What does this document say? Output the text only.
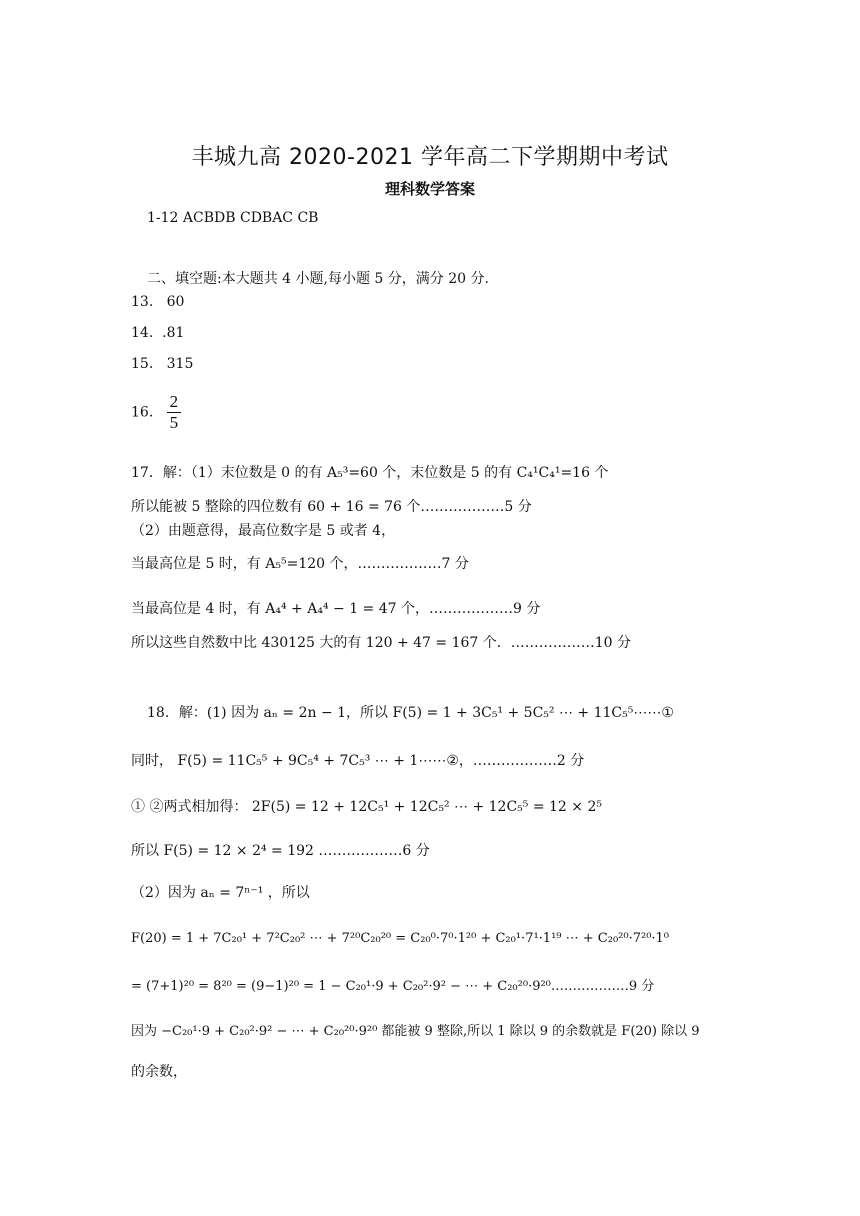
丰城九高 2020-2021 学年高二下学期期中考试
理科数学答案
1-12 ACBDB CDBAC CB
二、填空题:本大题共 4 小题,每小题 5 分，满分 20 分.
13. 60
14. .81
15. 315
16. $\frac{2}{5}$
17．解：（1）末位数是 0 的有 A₅³=60 个，末位数是 5 的有 C₄¹C₄¹=16 个
所以能被 5 整除的四位数有 60 + 16 = 76 个………………5 分
（2）由题意得，最高位数字是 5 或者 4，
当最高位是 5 时，有 A₅⁵=120 个，………………7 分
当最高位是 4 时，有 A₄⁴ + A₄⁴ − 1 = 47 个，………………9 分
所以这些自然数中比 430125 大的有 120 + 47 = 167 个．………………10 分
18．解：(1) 因为 aₙ = 2n − 1，所以 F(5) = 1 + 3C₅¹ + 5C₅² ⋯ + 11C₅⁵⋯⋯①
同时， F(5) = 11C₅⁵ + 9C₅⁴ + 7C₅³ ⋯ + 1⋯⋯②，………………2 分
① ②两式相加得： 2F(5) = 12 + 12C₅¹ + 12C₅² ⋯ + 12C₅⁵ = 12 × 2⁵
所以 F(5) = 12 × 2⁴ = 192 ………………6 分
（2）因为 aₙ = 7ⁿ⁻¹ ，所以
F(20) = 1 + 7C₂₀¹ + 7²C₂₀² ⋯ + 7²⁰C₂₀²⁰ = C₂₀⁰·7⁰·1²⁰ + C₂₀¹·7¹·1¹⁹ ⋯ + C₂₀²⁰·7²⁰·1⁰
= (7+1)²⁰ = 8²⁰ = (9−1)²⁰ = 1 − C₂₀¹·9 + C₂₀²·9² − ⋯ + C₂₀²⁰·9²⁰………………9 分
因为 −C₂₀¹·9 + C₂₀²·9² − ⋯ + C₂₀²⁰·9²⁰ 都能被 9 整除,所以 1 除以 9 的余数就是 F(20) 除以 9
的余数，
